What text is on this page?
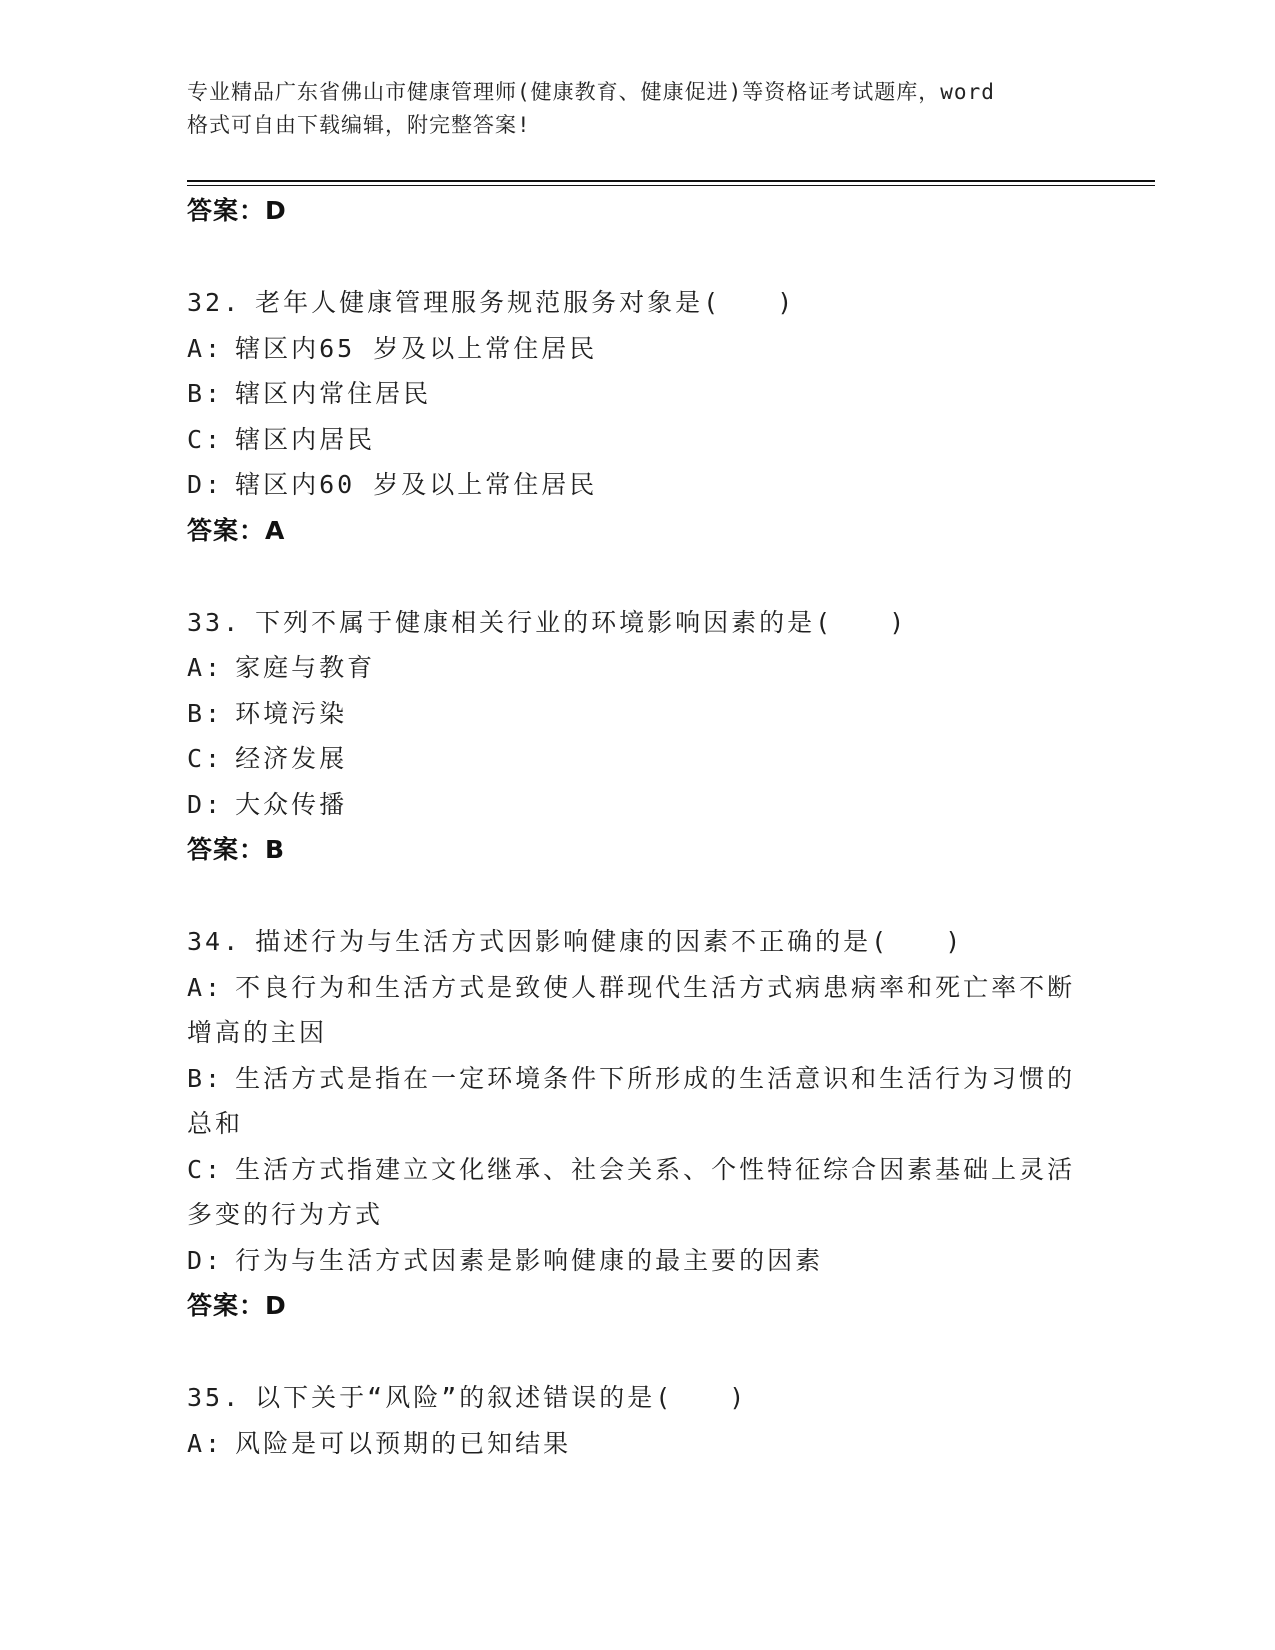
专业精品广东省佛山市健康管理师(健康教育、健康促进)等资格证考试题库，word
格式可自由下载编辑，附完整答案!

答案：D

32. 老年人健康管理服务规范服务对象是(　　)

A: 辖区内65 岁及以上常住居民

B: 辖区内常住居民

C: 辖区内居民

D: 辖区内60 岁及以上常住居民

答案：A

33. 下列不属于健康相关行业的环境影响因素的是(　　)

A: 家庭与教育

B: 环境污染

C: 经济发展

D: 大众传播

答案：B

34. 描述行为与生活方式因影响健康的因素不正确的是(　　)

A: 不良行为和生活方式是致使人群现代生活方式病患病率和死亡率不断增高的主因

B: 生活方式是指在一定环境条件下所形成的生活意识和生活行为习惯的总和

C: 生活方式指建立文化继承、社会关系、个性特征综合因素基础上灵活多变的行为方式

D: 行为与生活方式因素是影响健康的最主要的因素

答案：D

35. 以下关于“风险”的叙述错误的是(　　)

A: 风险是可以预期的已知结果
